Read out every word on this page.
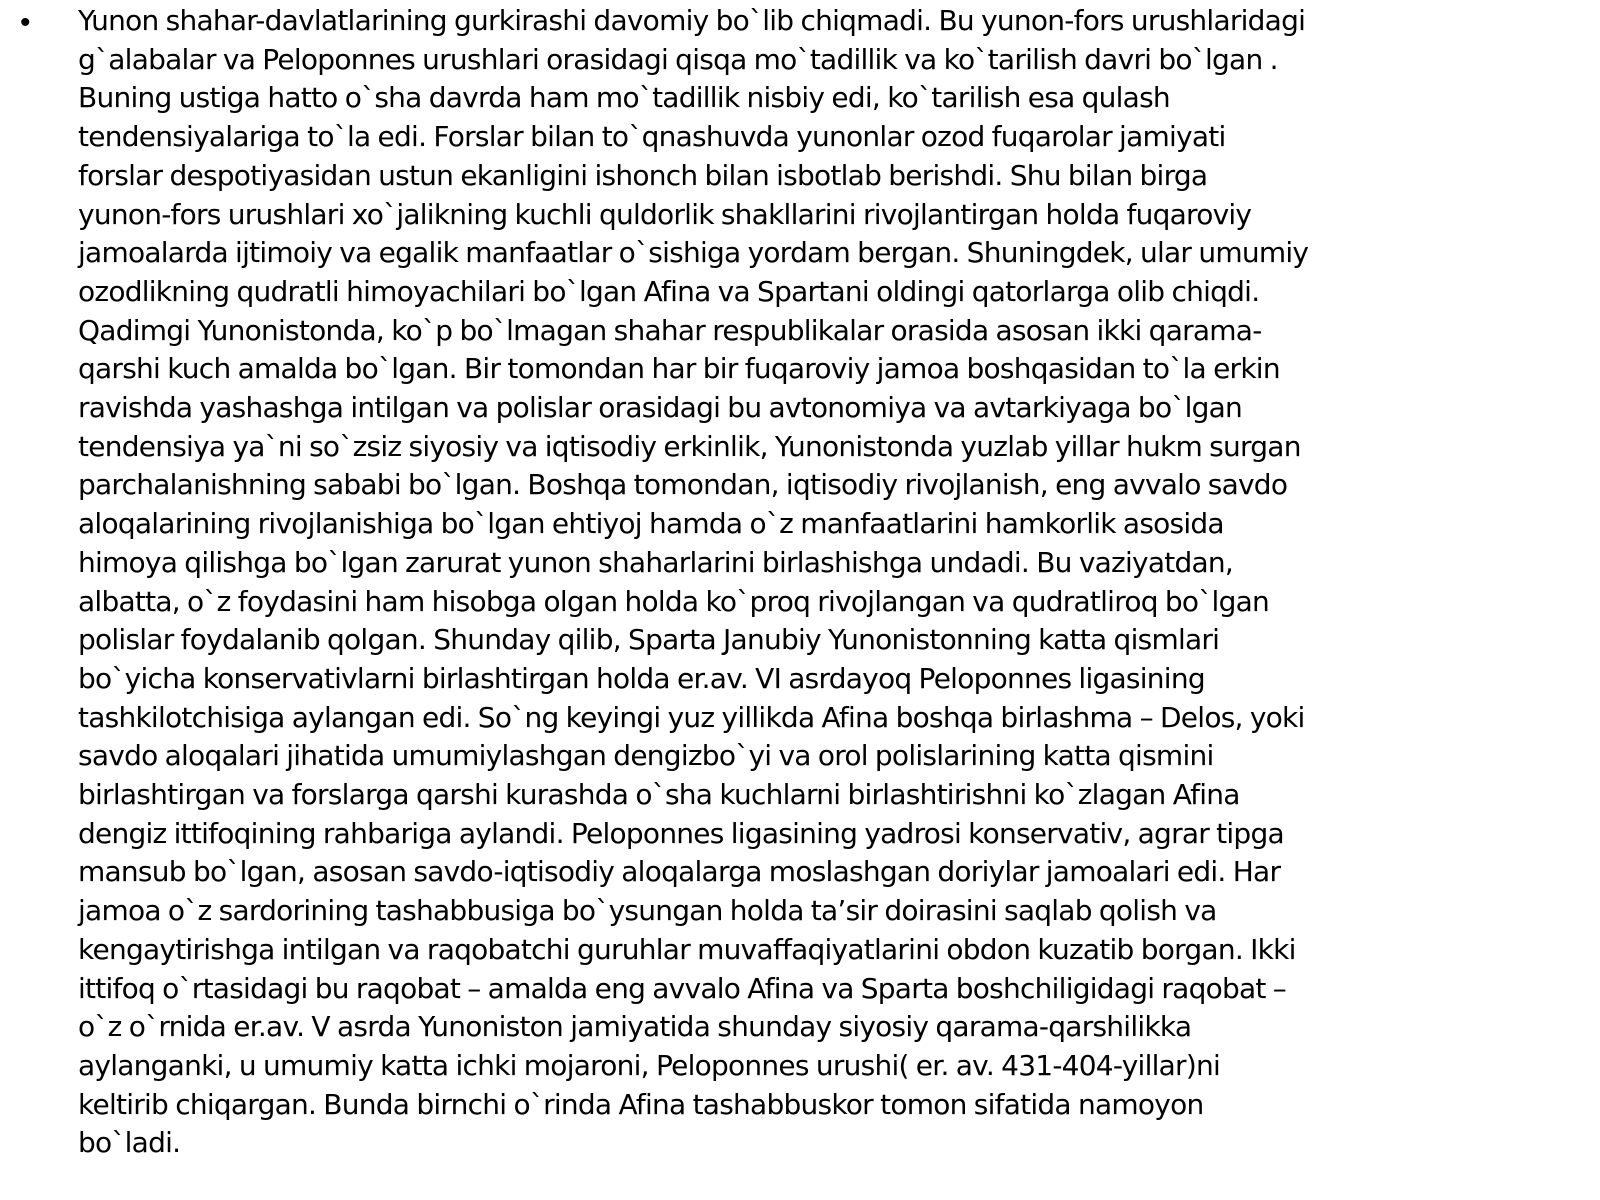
• Yunon shahar-davlatlarining gurkirashi davomiy bo`lib chiqmadi. Bu yunon-fors urushlaridagi
g`alabalar va Peloponnes urushlari orasidagi qisqa mo`tadillik va ko`tarilish davri bo`lgan .
Buning ustiga hatto o`sha davrda ham mo`tadillik nisbiy edi, ko`tarilish esa qulash
tendensiyalariga to`la edi. Forslar bilan to`qnashuvda yunonlar ozod fuqarolar jamiyati
forslar despotiyasidan ustun ekanligini ishonch bilan isbotlab berishdi. Shu bilan birga
yunon-fors urushlari xo`jalikning kuchli quldorlik shakllarini rivojlantirgan holda fuqaroviy
jamoalarda ijtimoiy va egalik manfaatlar o`sishiga yordam bergan. Shuningdek, ular umumiy
ozodlikning qudratli himoyachilari bo`lgan Afina va Spartani oldingi qatorlarga olib chiqdi.
Qadimgi Yunonistonda, ko`p bo`lmagan shahar respublikalar orasida asosan ikki qarama-
qarshi kuch amalda bo`lgan. Bir tomondan har bir fuqaroviy jamoa boshqasidan to`la erkin
ravishda yashashga intilgan va polislar orasidagi bu avtonomiya va avtarkiyaga bo`lgan
tendensiya ya`ni so`zsiz siyosiy va iqtisodiy erkinlik, Yunonistonda yuzlab yillar hukm surgan
parchalanishning sababi bo`lgan. Boshqa tomondan, iqtisodiy rivojlanish, eng avvalo savdo
aloqalarining rivojlanishiga bo`lgan ehtiyoj hamda o`z manfaatlarini hamkorlik asosida
himoya qilishga bo`lgan zarurat yunon shaharlarini birlashishga undadi. Bu vaziyatdan,
albatta, o`z foydasini ham hisobga olgan holda ko`proq rivojlangan va qudratliroq bo`lgan
polislar foydalanib qolgan. Shunday qilib, Sparta Janubiy Yunonistonning katta qismlari
bo`yicha konservativlarni birlashtirgan holda er.av. VI asrdayoq Peloponnes ligasining
tashkilotchisiga aylangan edi. So`ng keyingi yuz yillikda Afina boshqa birlashma – Delos, yoki
savdo aloqalari jihatida umumiylashgan dengizbo`yi va orol polislarining katta qismini
birlashtirgan va forslarga qarshi kurashda o`sha kuchlarni birlashtirishni ko`zlagan Afina
dengiz ittifoqining rahbariga aylandi. Peloponnes ligasining yadrosi konservativ, agrar tipga
mansub bo`lgan, asosan savdo-iqtisodiy aloqalarga moslashgan doriylar jamoalari edi. Har
jamoa o`z sardorining tashabbusiga bo`ysungan holda ta’sir doirasini saqlab qolish va
kengaytirishga intilgan va raqobatchi guruhlar muvaffaqiyatlarini obdon kuzatib borgan. Ikki
ittifoq o`rtasidagi bu raqobat – amalda eng avvalo Afina va Sparta boshchiligidagi raqobat –
o`z o`rnida er.av. V asrda Yunoniston jamiyatida shunday siyosiy qarama-qarshilikka
aylanganki, u umumiy katta ichki mojaroni, Peloponnes urushi( er. av. 431-404-yillar)ni
keltirib chiqargan. Bunda birnchi o`rinda Afina tashabbuskor tomon sifatida namoyon
bo`ladi.
